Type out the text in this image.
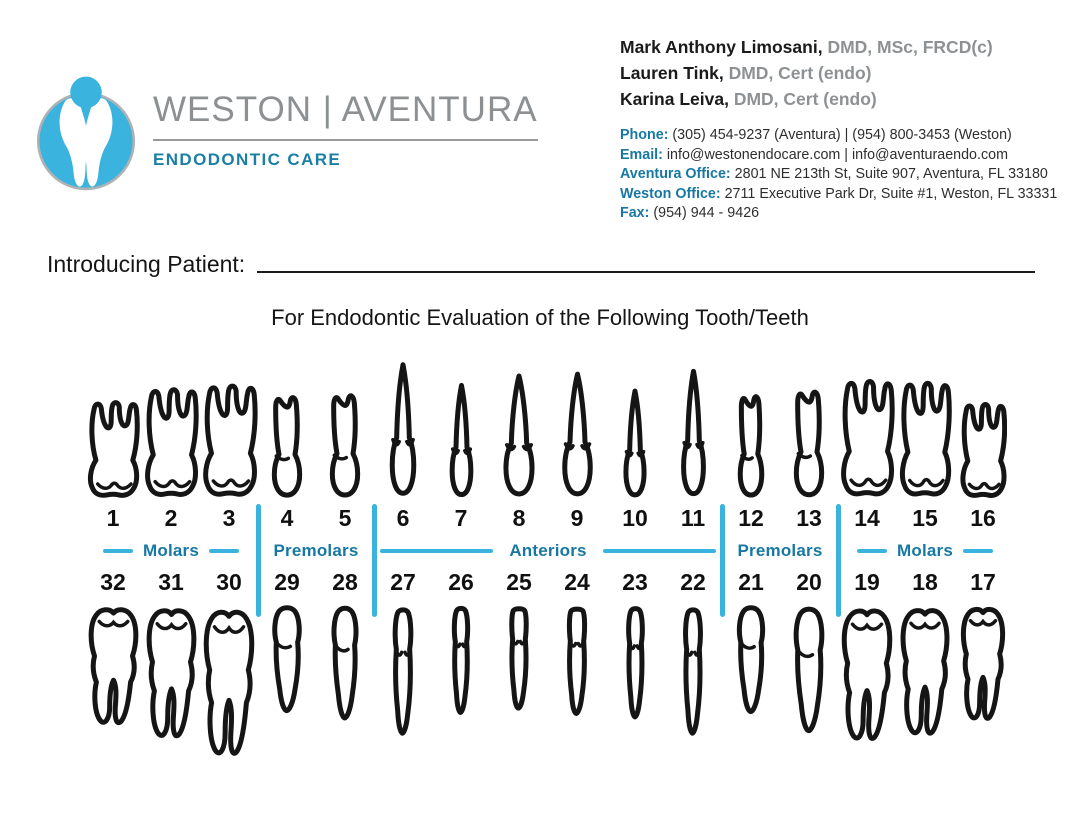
WESTON | AVENTURA
ENDODONTIC CARE
Mark Anthony Limosani, DMD, MSc, FRCD(c)
Lauren Tink, DMD, Cert (endo)
Karina Leiva, DMD, Cert (endo)
Phone: (305) 454-9237 (Aventura) | (954) 800-3453 (Weston)
Email: info@westonendocare.com | info@aventuraendo.com
Aventura Office: 2801 NE 213th St, Suite 907, Aventura, FL 33180
Weston Office: 2711 Executive Park Dr, Suite #1, Weston, FL 33331
Fax: (954) 944 - 9426
Introducing Patient:
For Endodontic Evaluation of the Following Tooth/Teeth
1	2	3	4	5	6	7	8	9	10	11	12	13	14	15	16
Molars	Premolars	Anteriors	Premolars	Molars
32	31	30	29	28	27	26	25	24	23	22	21	20	19	18	17
